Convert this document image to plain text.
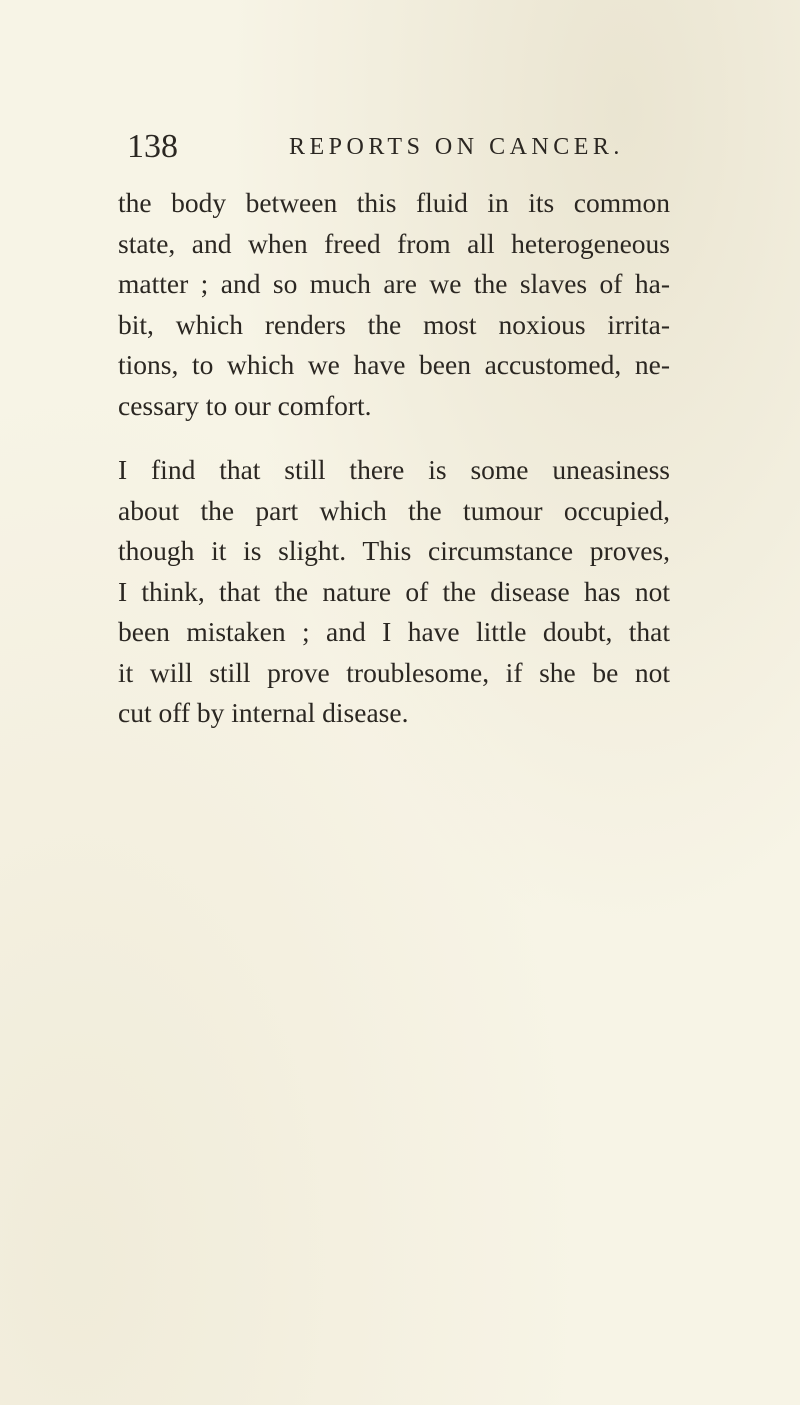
138	REPORTS ON CANCER.
the body between this fluid in its common
state, and when freed from all heterogeneous
matter ; and so much are we the slaves of ha-
bit, which renders the most noxious irrita-
tions, to which we have been accustomed, ne-
cessary to our comfort.
I find that still there is some uneasiness
about the part which the tumour occupied,
though it is slight. This circumstance proves,
I think, that the nature of the disease has not
been mistaken ; and I have little doubt, that
it will still prove troublesome, if she be not
cut off by internal disease.
